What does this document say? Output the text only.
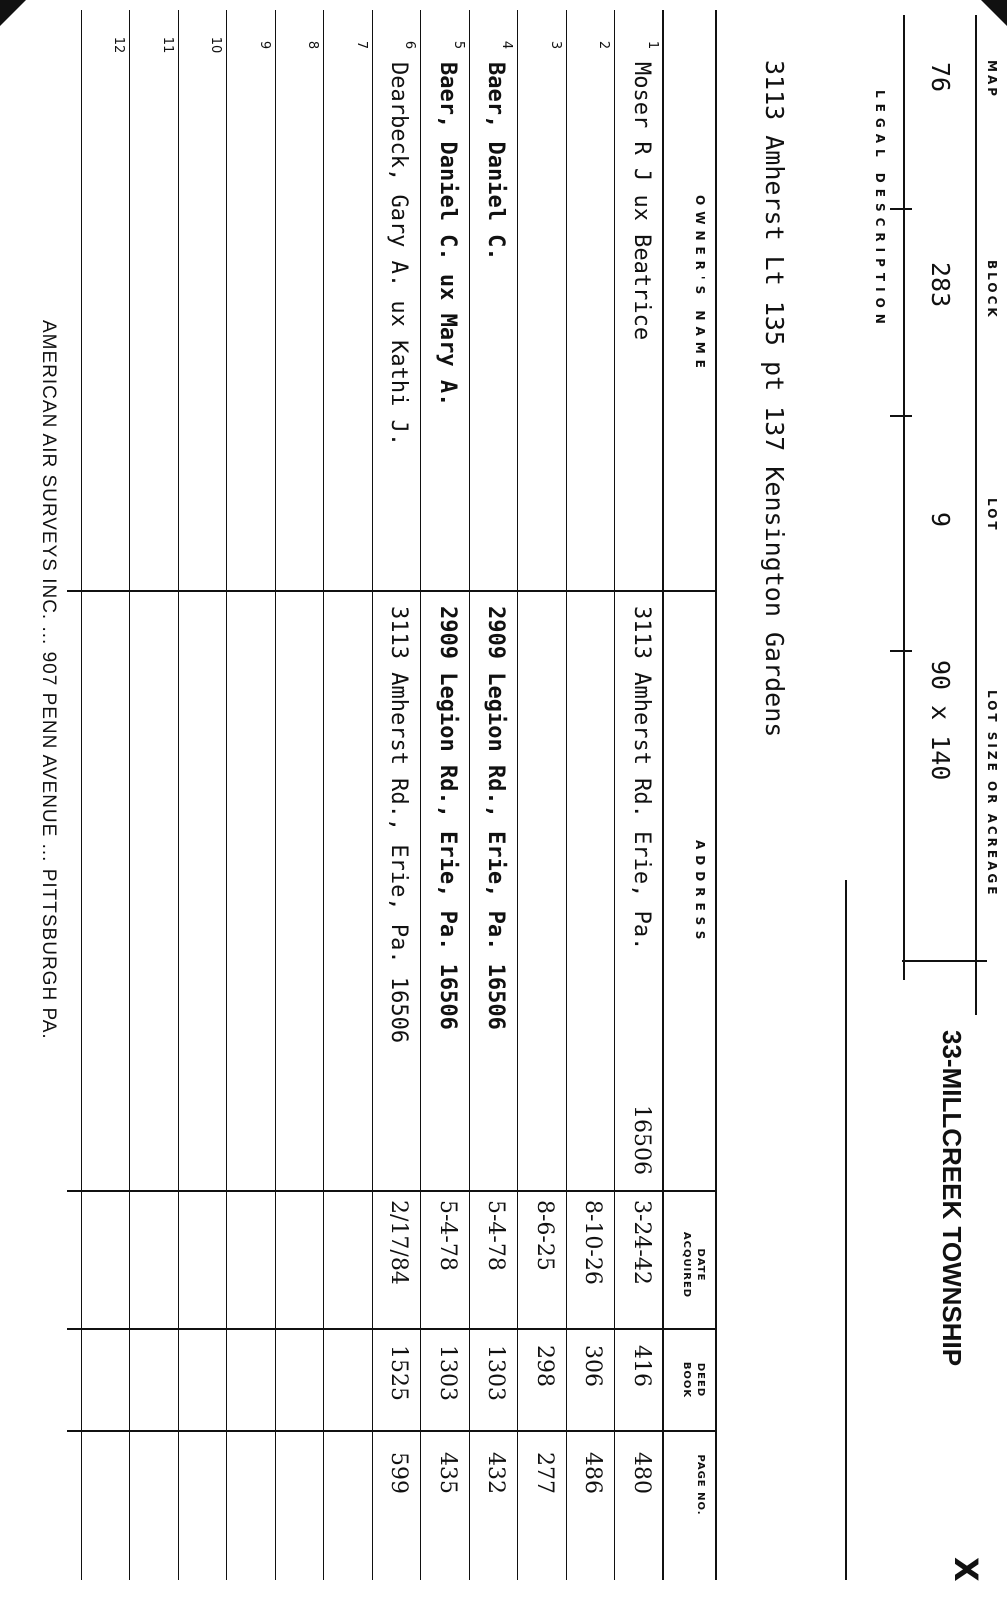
33-MILLCREEK TOWNSHIP
X
MAP
BLOCK
LOT
LOT SIZE OR ACREAGE
76
283
9
90 x 140
LEGAL DESCRIPTION
3113 Amherst Lt 135 pt 137 Kensington Gardens
OWNER'S NAME
ADDRESS
DATE ACQUIRED
DEED BOOK
PAGE NO.
1
Moser R J ux Beatrice
3113 Amherst Rd. Erie, Pa.
16506
3-24-42
416
480
2
8-10-26
306
486
3
8-6-25
298
277
4
Baer, Daniel C.
2909 Legion Rd., Erie, Pa. 16506
5-4-78
1303
432
5
Baer, Daniel C. ux Mary A.
2909 Legion Rd., Erie, Pa. 16506
5-4-78
1303
435
6
Dearbeck, Gary A. ux Kathi J.
3113 Amherst Rd., Erie, Pa. 16506
2/17/84
1525
599
7
8
9
10
11
12
AMERICAN AIR SURVEYS INC. ... 907 PENN AVENUE ... PITTSBURGH PA.
